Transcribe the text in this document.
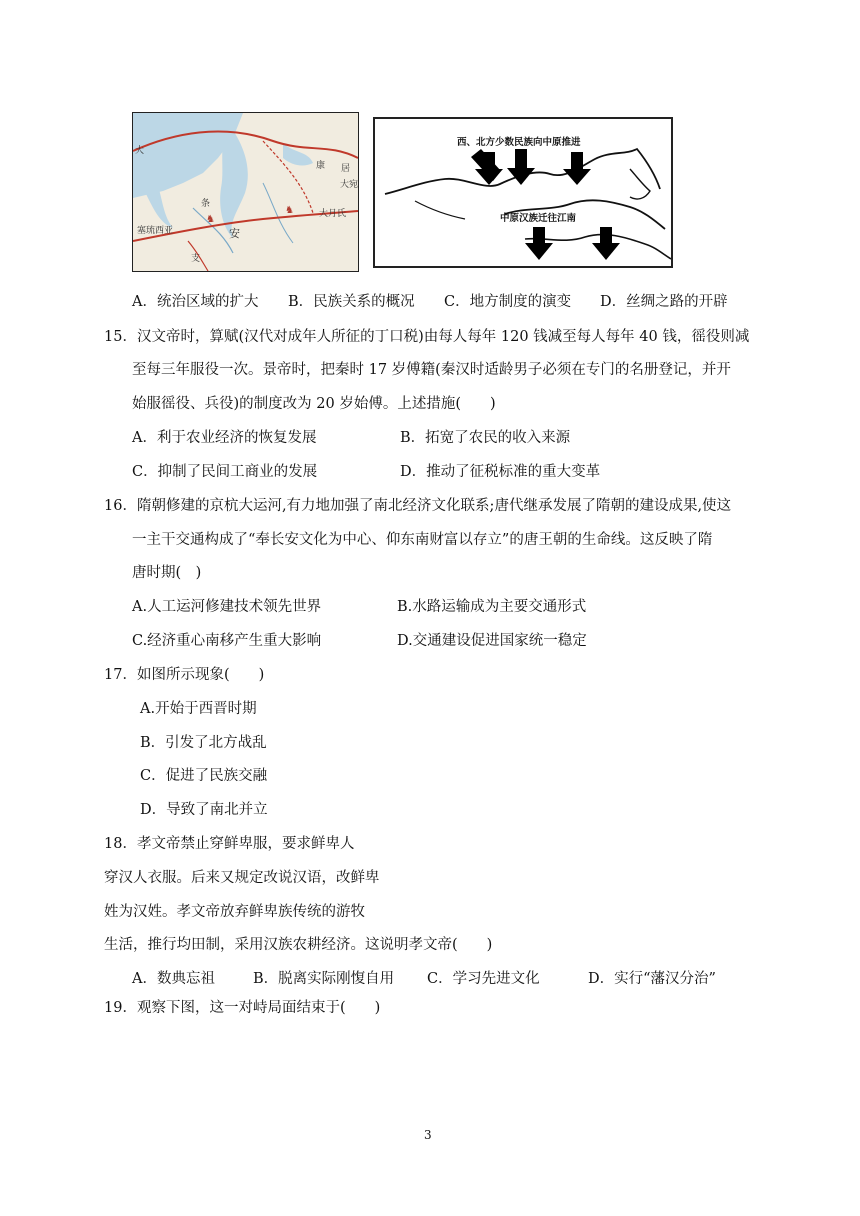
大
康 居
大宛
条
大月氏
安
塞琉西亚
支
♞
♞
西、北方少数民族向中原推进
中原汉族迁往江南
A．统治区域的扩大 B．民族关系的概况 C．地方制度的演变 D．丝绸之路的开辟
15．汉文帝时，算赋(汉代对成年人所征的丁口税)由每人每年 120 钱减至每人每年 40 钱，徭役则减
至每三年服役一次。景帝时，把秦时 17 岁傅籍(秦汉时适龄男子必须在专门的名册登记，并开
始服徭役、兵役)的制度改为 20 岁始傅。上述措施(　　)
A．利于农业经济的恢复发展	B．拓宽了农民的收入来源
C．抑制了民间工商业的发展	D．推动了征税标准的重大变革
16．隋朝修建的京杭大运河,有力地加强了南北经济文化联系;唐代继承发展了隋朝的建设成果,使这
一主干交通构成了“奉长安文化为中心、仰东南财富以存立”的唐王朝的生命线。这反映了隋
唐时期(　)
A.人工运河修建技术领先世界	B.水路运输成为主要交通形式
C.经济重心南移产生重大影响	D.交通建设促进国家统一稳定
17．如图所示现象(　　)
A.开始于西晋时期
B．引发了北方战乱
C．促进了民族交融
D．导致了南北并立
18．孝文帝禁止穿鲜卑服，要求鲜卑人
穿汉人衣服。后来又规定改说汉语，改鲜卑
姓为汉姓。孝文帝放弃鲜卑族传统的游牧
生活，推行均田制，采用汉族农耕经济。这说明孝文帝(　　)
A．数典忘祖	B．脱离实际刚愎自用 C．学习先进文化	D．实行“藩汉分治”
19．观察下图，这一对峙局面结束于(　　)
3
